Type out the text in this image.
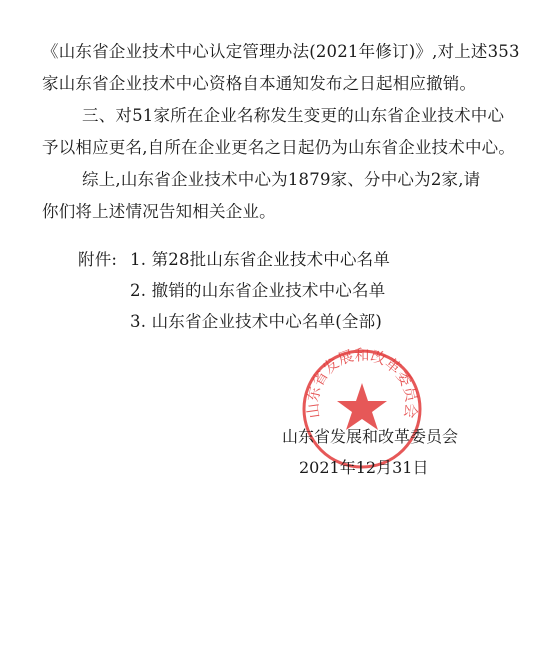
《山东省企业技术中心认定管理办法(2021年修订)》,对上述353
家山东省企业技术中心资格自本通知发布之日起相应撤销。
三、对51家所在企业名称发生变更的山东省企业技术中心
予以相应更名,自所在企业更名之日起仍为山东省企业技术中心。
综上,山东省企业技术中心为1879家、分中心为2家,请
你们将上述情况告知相关企业。
附件: 1. 第28批山东省企业技术中心名单
2. 撤销的山东省企业技术中心名单
3. 山东省企业技术中心名单(全部)
山东省发展和改革委员会
山东省发展和改革委员会
2021年12月31日
